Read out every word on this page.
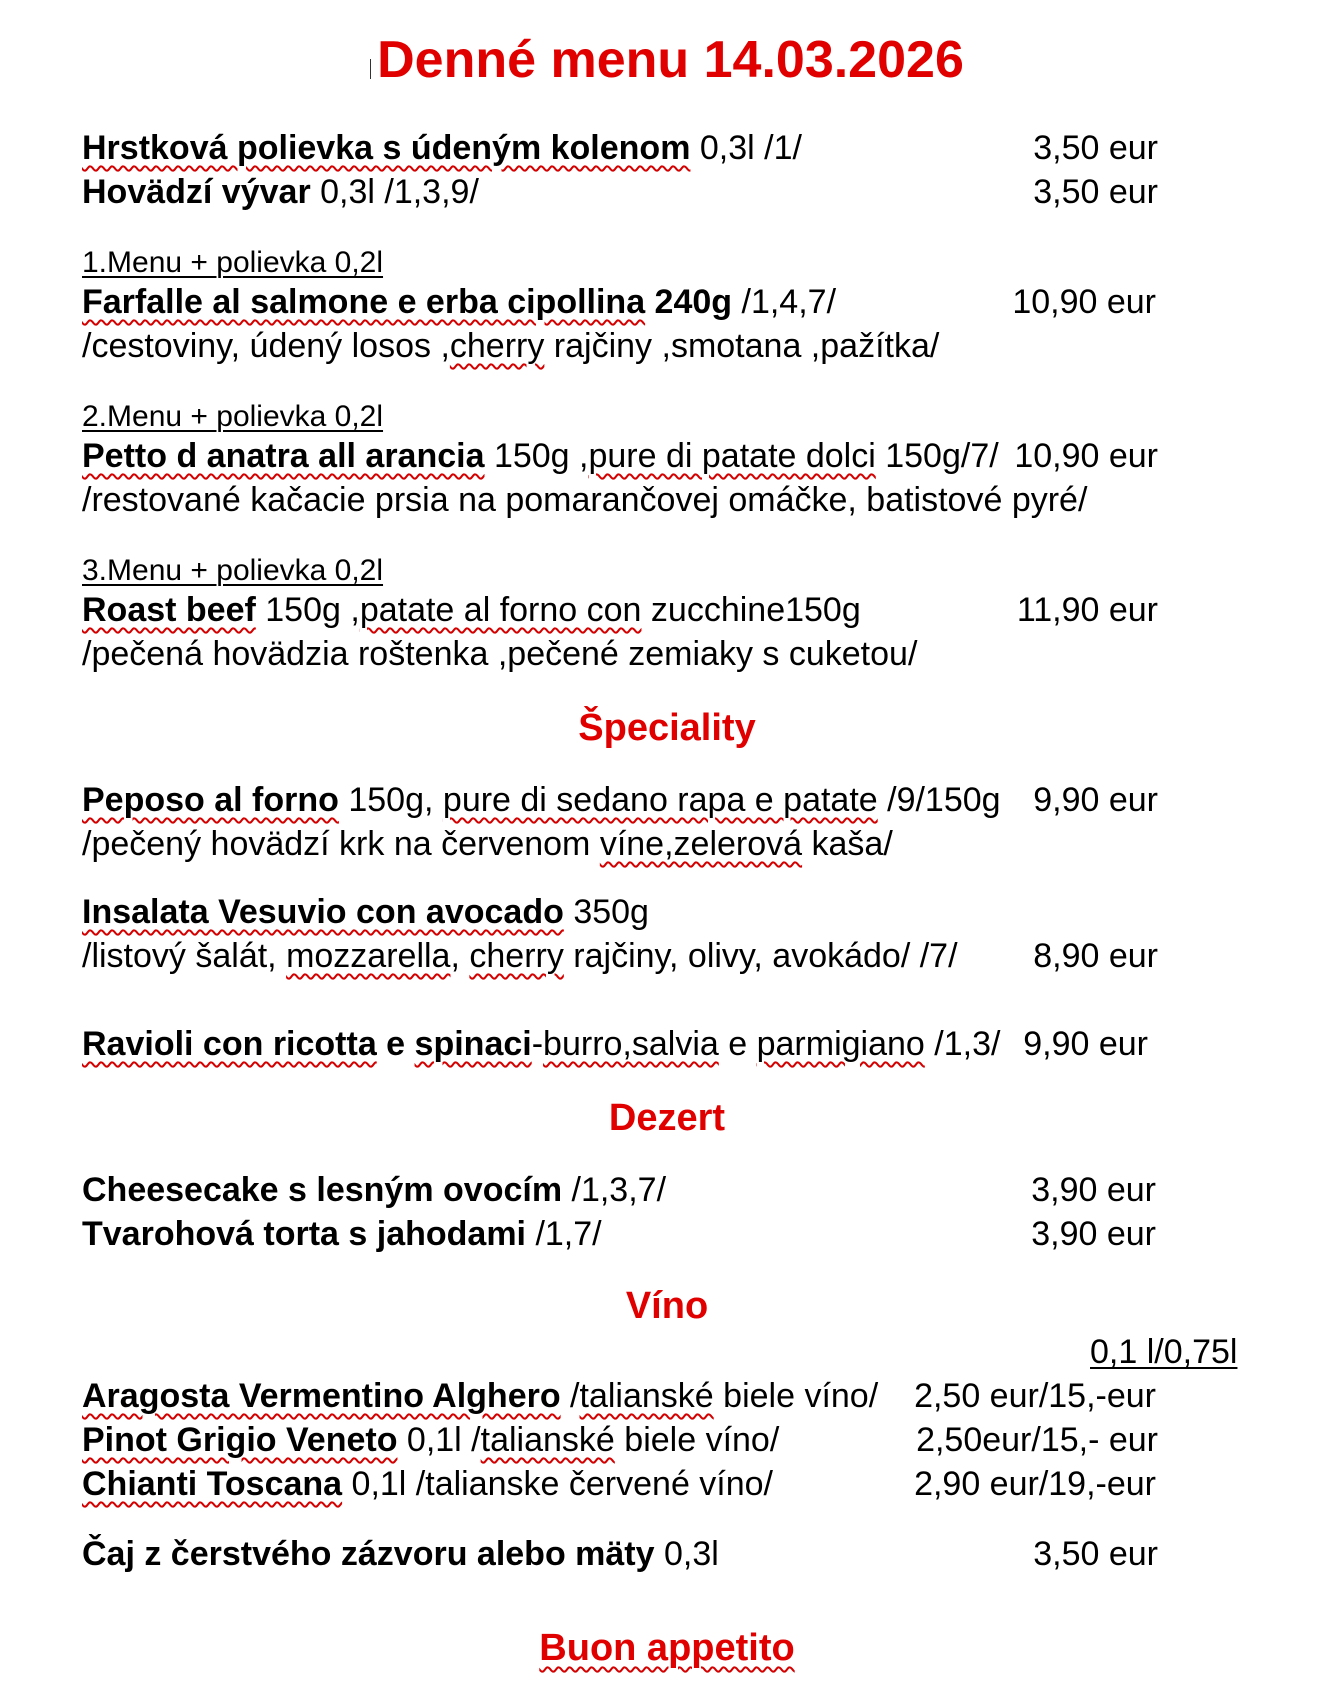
Denné menu 14.03.2026
Hrstková polievka s údeným kolenom 0,3l /1/	3,50 eur
Hovädzí vývar 0,3l /1,3,9/	3,50 eur
1.Menu + polievka 0,2l
Farfalle al salmone e erba cipollina 240g /1,4,7/	10,90 eur
/cestoviny, údený losos ,cherry rajčiny ,smotana ,pažítka/
2.Menu + polievka 0,2l
Petto d anatra all arancia 150g ,pure di patate dolci 150g/7/ 10,90 eur
/restované kačacie prsia na pomarančovej omáčke, batistové pyré/
3.Menu + polievka 0,2l
Roast beef 150g ,patate al forno con zucchine150g	11,90 eur
/pečená hovädzia roštenka ,pečené zemiaky s cuketou/
Špeciality
Peposo al forno 150g, pure di sedano rapa e patate /9/150g 9,90 eur
/pečený hovädzí krk na červenom víne,zelerová kaša/
Insalata Vesuvio con avocado 350g
/listový šalát, mozzarella, cherry rajčiny, olivy, avokádo/ /7/ 8,90 eur
Ravioli con ricotta e spinaci-burro,salvia e parmigiano /1,3/ 9,90 eur
Dezert
Cheesecake s lesným ovocím /1,3,7/	3,90 eur
Tvarohová torta s jahodami /1,7/	3,90 eur
Víno
0,1 l/0,75l
Aragosta Vermentino Alghero /talianské biele víno/ 2,50 eur/15,-eur
Pinot Grigio Veneto 0,1l /talianské biele víno/	2,50eur/15,- eur
Chianti Toscana 0,1l /talianske červené víno/	2,90 eur/19,-eur
Čaj z čerstvého zázvoru alebo mäty 0,3l	3,50 eur
Buon appetito
